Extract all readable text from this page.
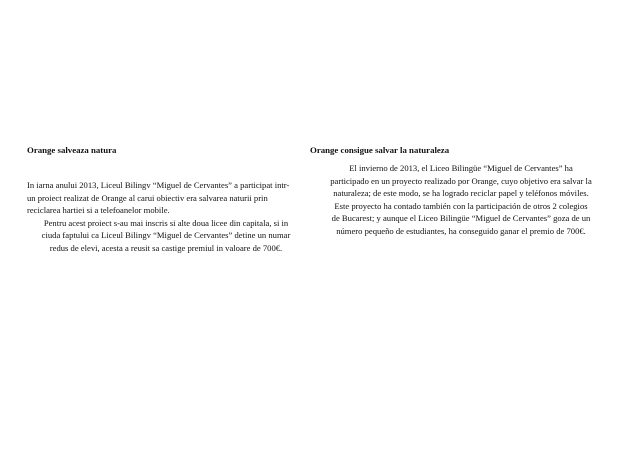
Orange salveaza natura

In iarna anului 2013, Liceul Bilingv “Miguel de Cervantes” a participat intr-
un proiect realizat de Orange al carui obiectiv era salvarea naturii prin
reciclarea hartiei si a telefoanelor mobile.

Pentru acest proiect s-au mai inscris si alte doua licee din capitala, si in
ciuda faptului ca Liceul Bilingv “Miguel de Cervantes” detine un numar
redus de elevi, acesta a reusit sa castige premiul in valoare de 700€.

Orange consigue salvar la naturaleza

El invierno de 2013, el Liceo Bilingüe “Miguel de Cervantes” ha
participado en un proyecto realizado por Orange, cuyo objetivo era salvar la
naturaleza; de este modo, se ha logrado reciclar papel y teléfonos móviles.
Este proyecto ha contado también con la participación de otros 2 colegios
de Bucarest; y aunque el Liceo Bilingüe “Miguel de Cervantes” goza de un
número pequeño de estudiantes, ha conseguido ganar el premio de 700€.
